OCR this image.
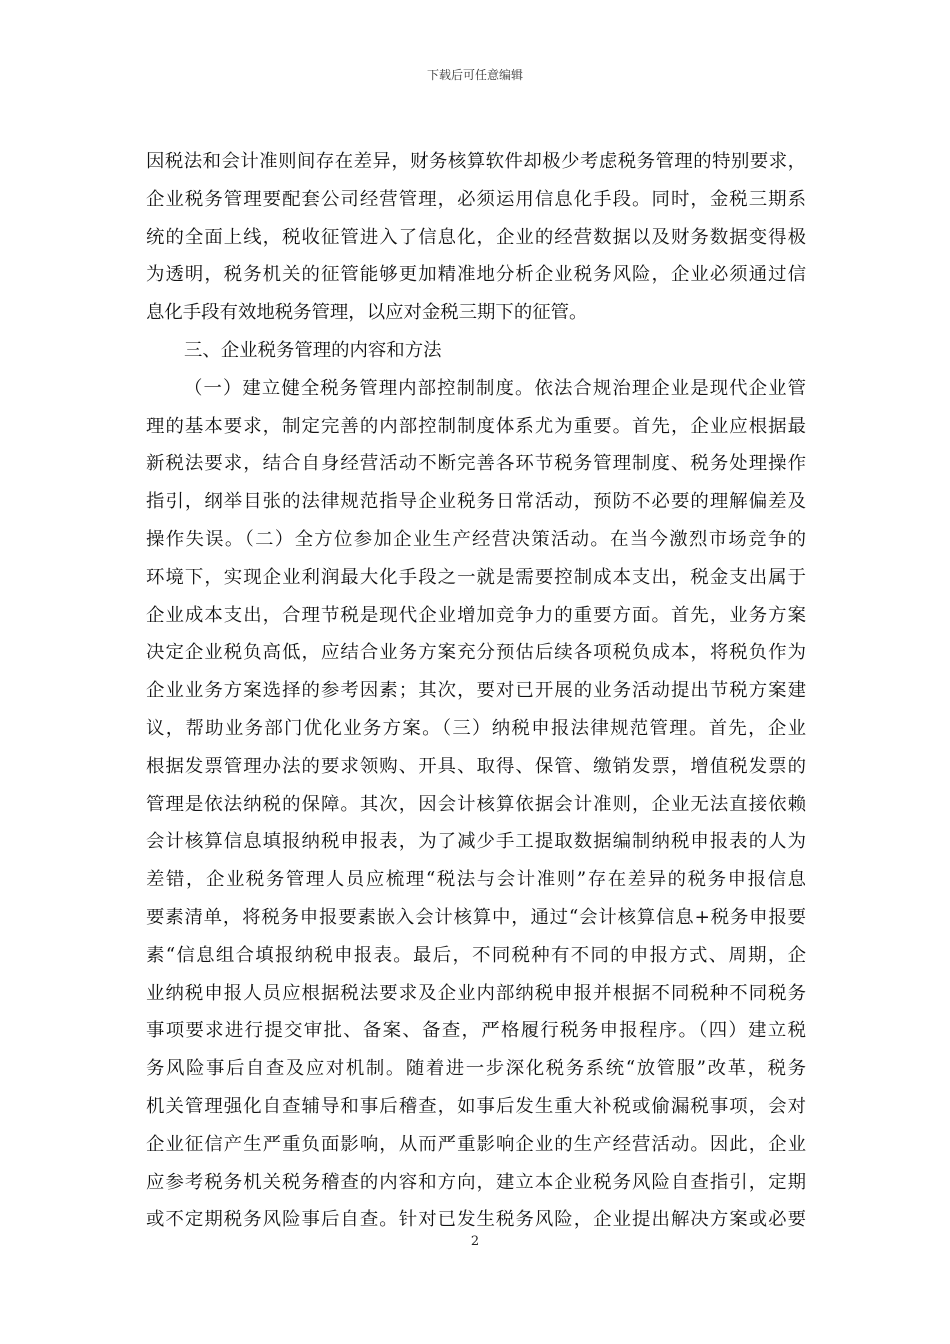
下载后可任意编辑
因税法和会计准则间存在差异，财务核算软件却极少考虑税务管理的特别要求，
企业税务管理要配套公司经营管理，必须运用信息化手段。同时，金税三期系
统的全面上线，税收征管进入了信息化，企业的经营数据以及财务数据变得极
为透明，税务机关的征管能够更加精准地分析企业税务风险，企业必须通过信
息化手段有效地税务管理，以应对金税三期下的征管。
三、企业税务管理的内容和方法
（一）建立健全税务管理内部控制制度。依法合规治理企业是现代企业管
理的基本要求，制定完善的内部控制制度体系尤为重要。首先，企业应根据最
新税法要求，结合自身经营活动不断完善各环节税务管理制度、税务处理操作
指引，纲举目张的法律规范指导企业税务日常活动，预防不必要的理解偏差及
操作失误。（二）全方位参加企业生产经营决策活动。在当今激烈市场竞争的
环境下，实现企业利润最大化手段之一就是需要控制成本支出，税金支出属于
企业成本支出，合理节税是现代企业增加竞争力的重要方面。首先，业务方案
决定企业税负高低，应结合业务方案充分预估后续各项税负成本，将税负作为
企业业务方案选择的参考因素；其次，要对已开展的业务活动提出节税方案建
议，帮助业务部门优化业务方案。（三）纳税申报法律规范管理。首先，企业
根据发票管理办法的要求领购、开具、取得、保管、缴销发票，增值税发票的
管理是依法纳税的保障。其次，因会计核算依据会计准则，企业无法直接依赖
会计核算信息填报纳税申报表，为了减少手工提取数据编制纳税申报表的人为
差错，企业税务管理人员应梳理“税法与会计准则”存在差异的税务申报信息
要素清单，将税务申报要素嵌入会计核算中，通过“会计核算信息+税务申报要
素“信息组合填报纳税申报表。最后，不同税种有不同的申报方式、周期，企
业纳税申报人员应根据税法要求及企业内部纳税申报并根据不同税种不同税务
事项要求进行提交审批、备案、备查，严格履行税务申报程序。（四）建立税
务风险事后自查及应对机制。随着进一步深化税务系统“放管服”改革，税务
机关管理强化自查辅导和事后稽查，如事后发生重大补税或偷漏税事项，会对
企业征信产生严重负面影响，从而严重影响企业的生产经营活动。因此，企业
应参考税务机关税务稽查的内容和方向，建立本企业税务风险自查指引，定期
或不定期税务风险事后自查。针对已发生税务风险，企业提出解决方案或必要
2
